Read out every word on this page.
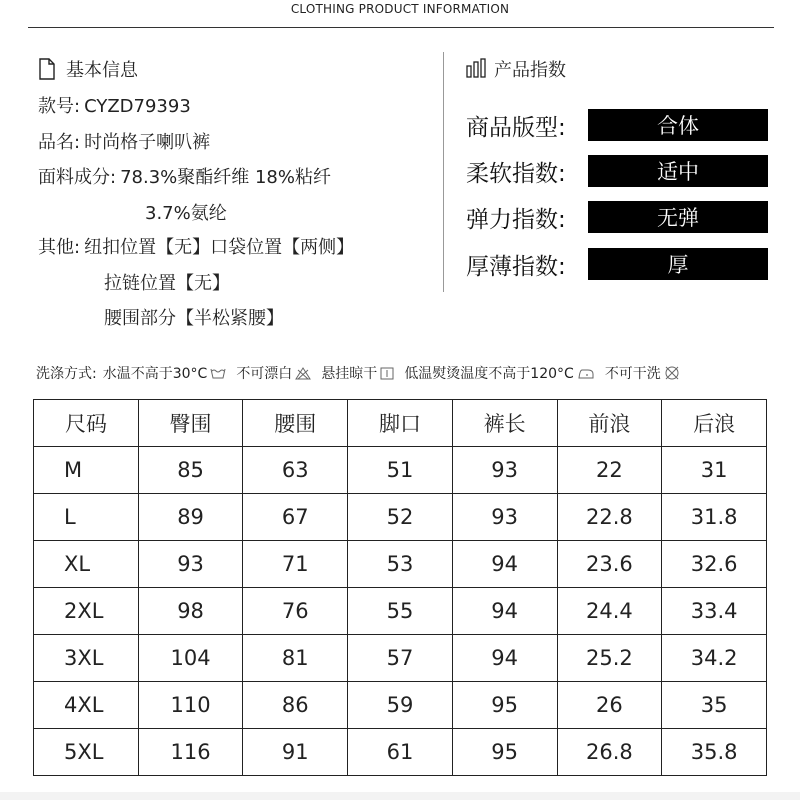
CLOTHING PRODUCT INFORMATION
基本信息
款号: CYZD79393
品名: 时尚格子喇叭裤
面料成分: 78.3%聚酯纤维 18%粘纤
3.7%氨纶
其他: 纽扣位置【无】口袋位置【两侧】
拉链位置【无】
腰围部分【半松紧腰】
产品指数
商品版型:	合体
柔软指数:	适中
弹力指数:	无弹
厚薄指数:	厚
洗涤方式: 水温不高于30°C 不可漂白 悬挂晾干 低温熨烫温度不高于120°C 不可干洗
尺码	臀围	腰围	脚口	裤长	前浪	后浪
M	85	63	51	93	22	31
L	89	67	52	93	22.8	31.8
XL	93	71	53	94	23.6	32.6
2XL	98	76	55	94	24.4	33.4
3XL	104	81	57	94	25.2	34.2
4XL	110	86	59	95	26	35
5XL	116	91	61	95	26.8	35.8
